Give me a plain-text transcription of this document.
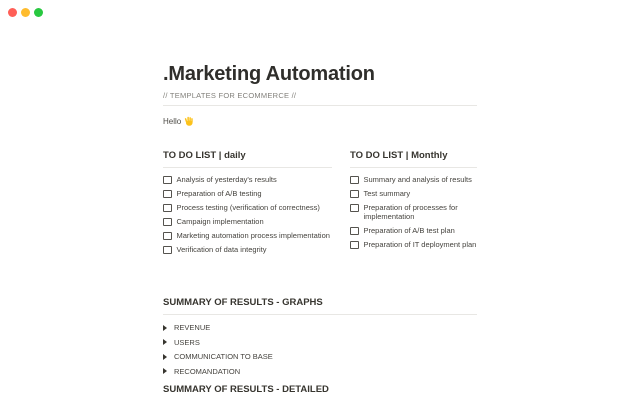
.Marketing Automation
// TEMPLATES FOR ECOMMERCE //
Hello
TO DO LIST | daily
Analysis of yesterday's results
Preparation of A/B testing
Process testing (verification of correctness)
Campaign implementation
Marketing automation process implementation
Verification of data integrity
TO DO LIST | Monthly
Summary and analysis of results
Test summary
Preparation of processes for implementation
Preparation of A/B test plan
Preparation of IT deployment plan
SUMMARY OF RESULTS - GRAPHS
REVENUE
USERS
COMMUNICATION TO BASE
RECOMANDATION
SUMMARY OF RESULTS - DETAILED
